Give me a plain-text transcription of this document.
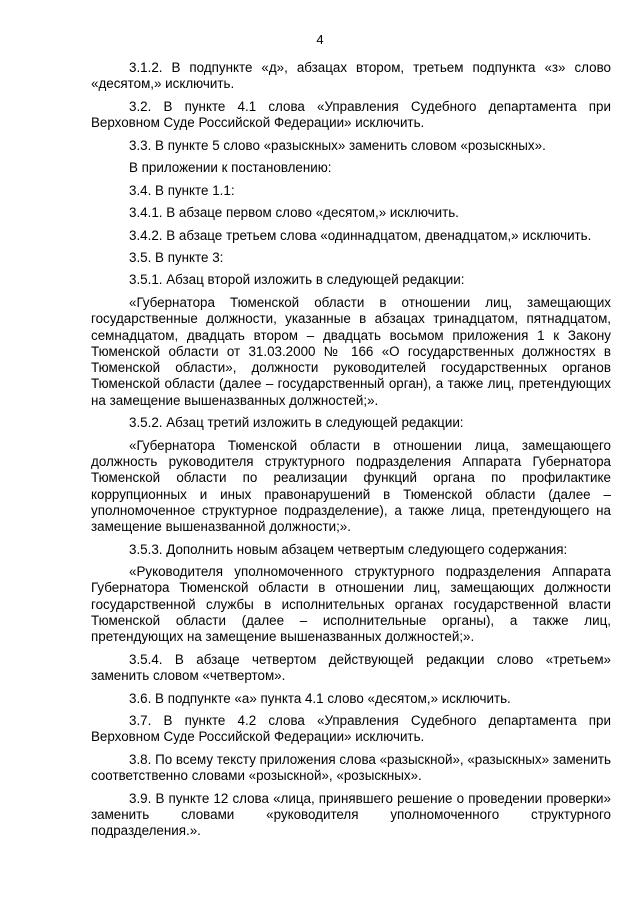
4

3.1.2. В подпункте «д», абзацах втором, третьем подпункта «з» слово «десятом,» исключить.

3.2. В пункте 4.1 слова «Управления Судебного департамента при Верховном Суде Российской Федерации» исключить.

3.3. В пункте 5 слово «разыскных» заменить словом «розыскных».

В приложении к постановлению:

3.4. В пункте 1.1:

3.4.1. В абзаце первом слово «десятом,» исключить.

3.4.2. В абзаце третьем слова «одиннадцатом, двенадцатом,» исключить.

3.5. В пункте 3:

3.5.1. Абзац второй изложить в следующей редакции:

«Губернатора Тюменской области в отношении лиц, замещающих государственные должности, указанные в абзацах тринадцатом, пятнадцатом, семнадцатом, двадцать втором – двадцать восьмом приложения 1 к Закону Тюменской области от 31.03.2000 № 166 «О государственных должностях в Тюменской области», должности руководителей государственных органов Тюменской области (далее – государственный орган), а также лиц, претендующих на замещение вышеназванных должностей;».

3.5.2. Абзац третий изложить в следующей редакции:

«Губернатора Тюменской области в отношении лица, замещающего должность руководителя структурного подразделения Аппарата Губернатора Тюменской области по реализации функций органа по профилактике коррупционных и иных правонарушений в Тюменской области (далее – уполномоченное структурное подразделение), а также лица, претендующего на замещение вышеназванной должности;».

3.5.3. Дополнить новым абзацем четвертым следующего содержания:

«Руководителя уполномоченного структурного подразделения Аппарата Губернатора Тюменской области в отношении лиц, замещающих должности государственной службы в исполнительных органах государственной власти Тюменской области (далее – исполнительные органы), а также лиц, претендующих на замещение вышеназванных должностей;».

3.5.4. В абзаце четвертом действующей редакции слово «третьем» заменить словом «четвертом».

3.6. В подпункте «а» пункта 4.1 слово «десятом,» исключить.

3.7. В пункте 4.2 слова «Управления Судебного департамента при Верховном Суде Российской Федерации» исключить.

3.8. По всему тексту приложения слова «разыскной», «разыскных» заменить соответственно словами «розыскной», «розыскных».

3.9. В пункте 12 слова «лица, принявшего решение о проведении проверки» заменить словами «руководителя уполномоченного структурного подразделения.».
